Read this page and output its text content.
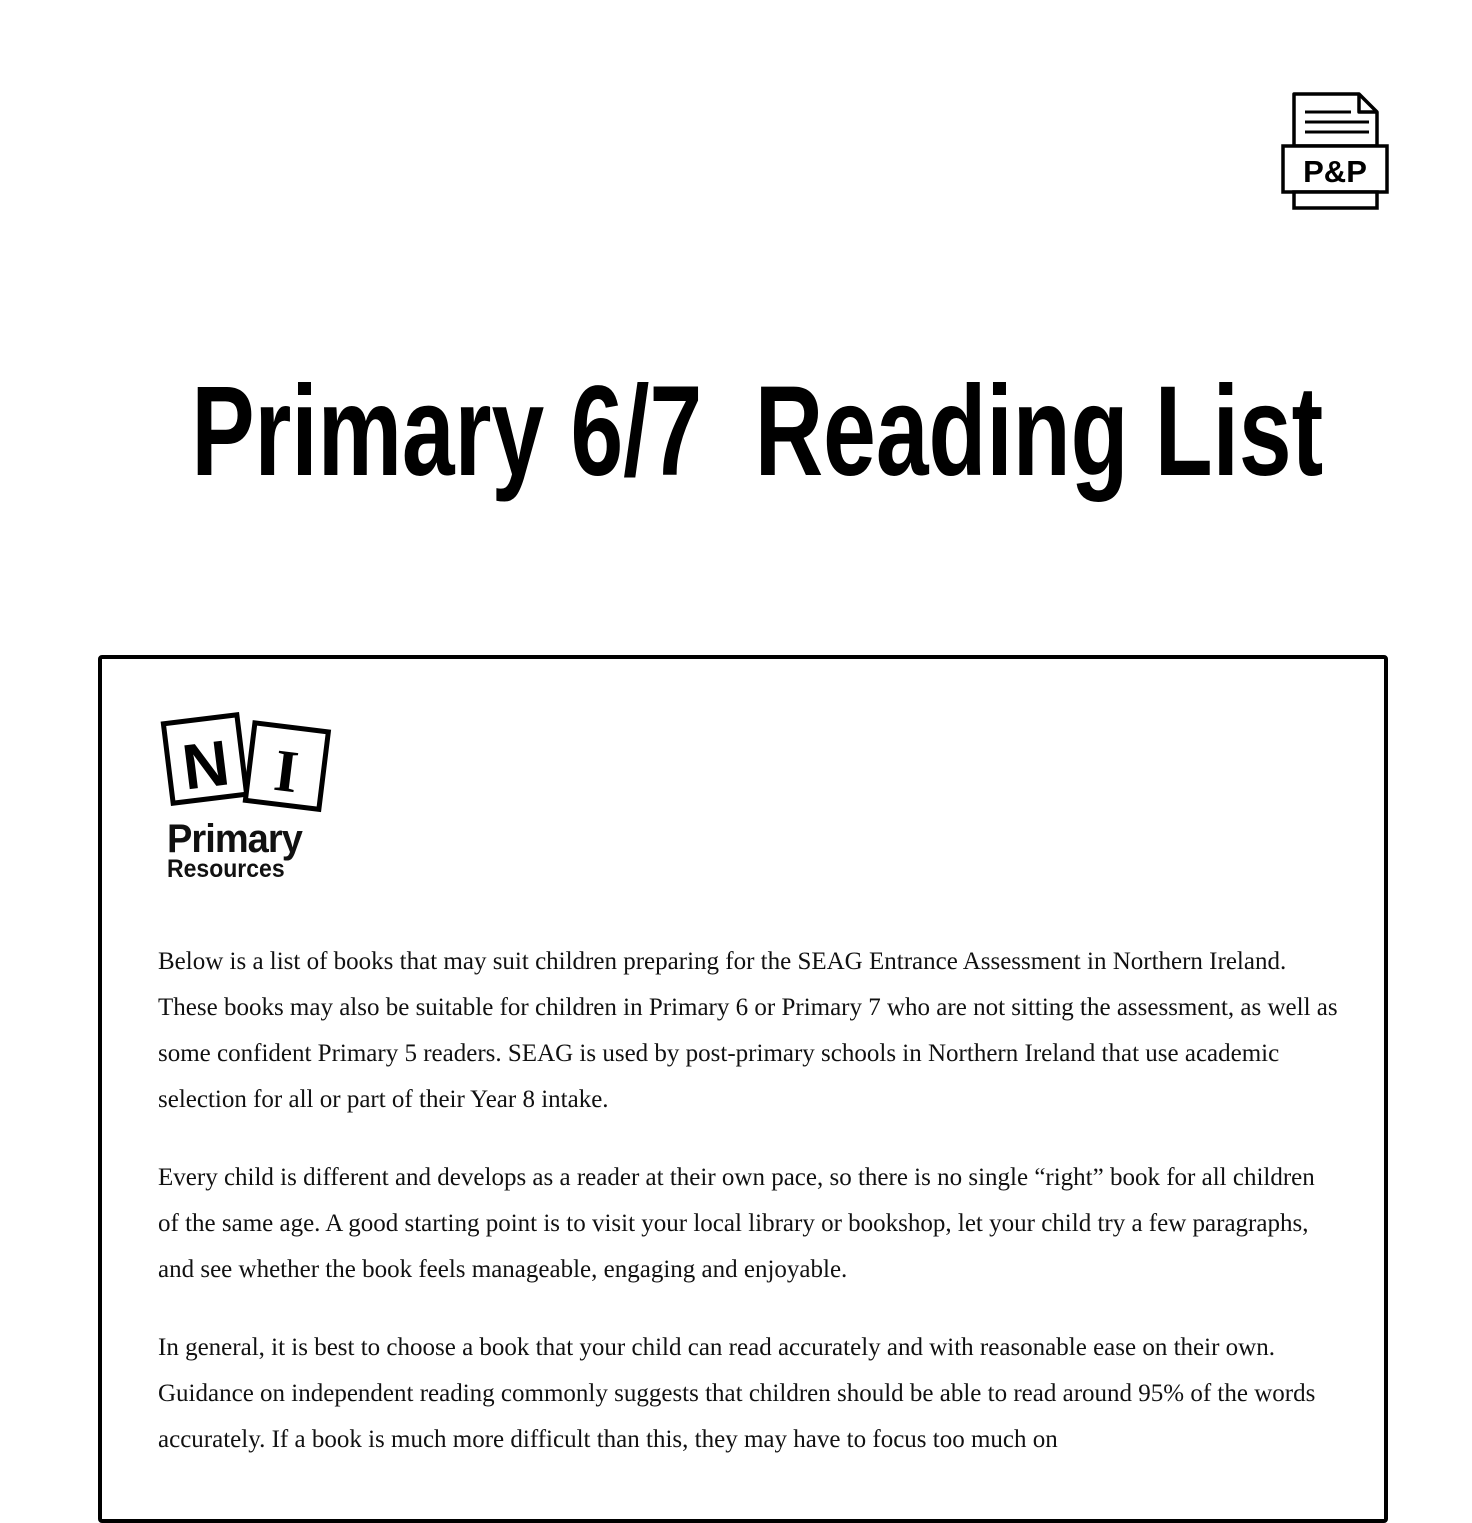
P&P
Primary 6/7  Reading List
N I
Primary
Resources

Below is a list of books that may suit children preparing for the SEAG Entrance Assessment in Northern Ireland. These books may also be suitable for children in Primary 6 or Primary 7 who are not sitting the assessment, as well as some confident Primary 5 readers. SEAG is used by post-primary schools in Northern Ireland that use academic selection for all or part of their Year 8 intake.

Every child is different and develops as a reader at their own pace, so there is no single “right” book for all children of the same age. A good starting point is to visit your local library or bookshop, let your child try a few paragraphs, and see whether the book feels manageable, engaging and enjoyable.

In general, it is best to choose a book that your child can read accurately and with reasonable ease on their own. Guidance on independent reading commonly suggests that children should be able to read around 95% of the words accurately. If a book is much more difficult than this, they may have to focus too much on
